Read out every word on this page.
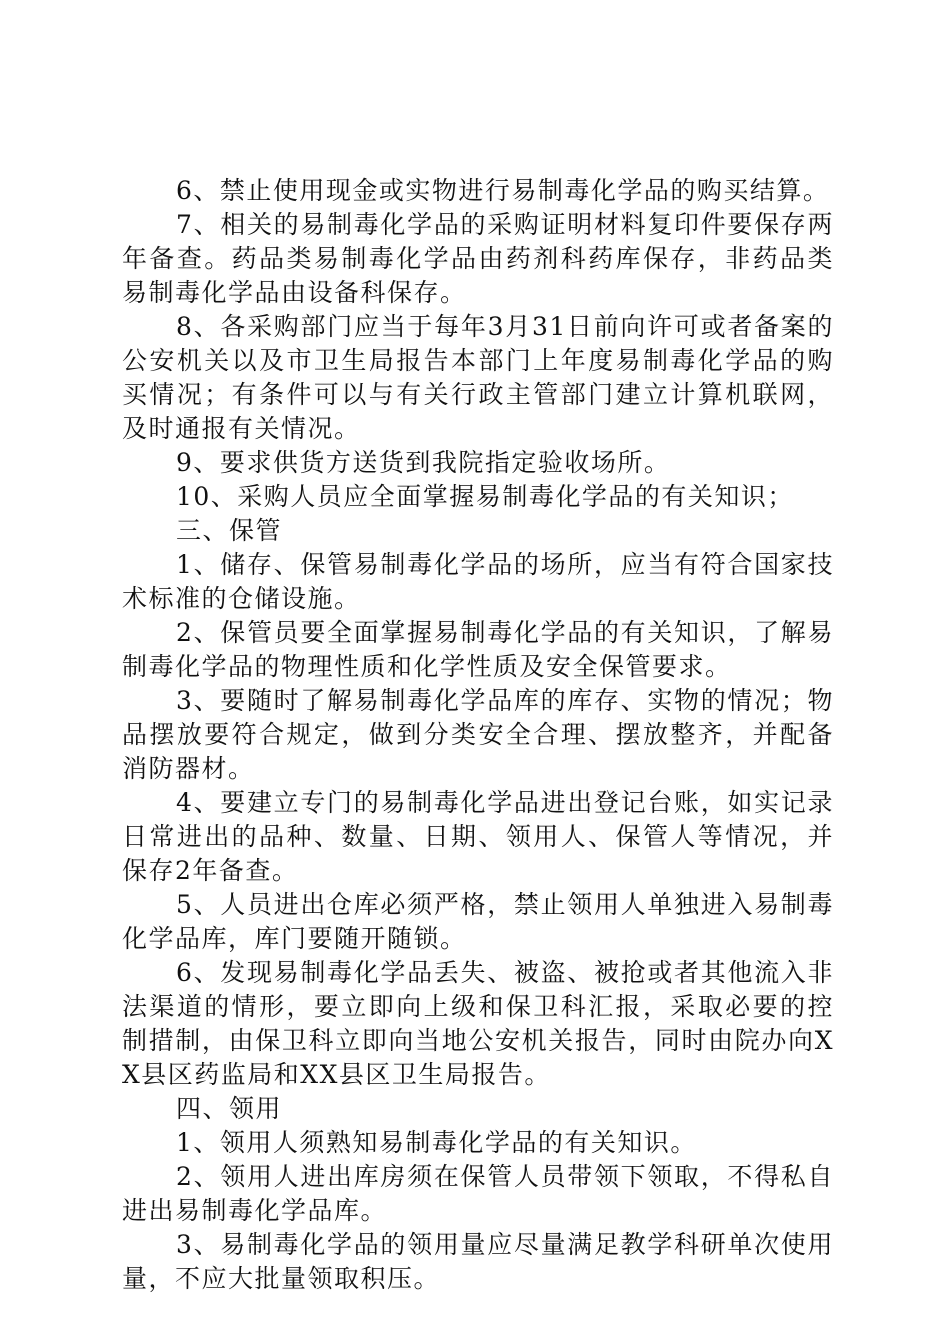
6、禁止使用现金或实物进行易制毒化学品的购买结算。

7、相关的易制毒化学品的采购证明材料复印件要保存两年备查。药品类易制毒化学品由药剂科药库保存，非药品类易制毒化学品由设备科保存。

8、各采购部门应当于每年3月31日前向许可或者备案的公安机关以及市卫生局报告本部门上年度易制毒化学品的购买情况；有条件可以与有关行政主管部门建立计算机联网，及时通报有关情况。

9、要求供货方送货到我院指定验收场所。

10、采购人员应全面掌握易制毒化学品的有关知识；

三、保管

1、储存、保管易制毒化学品的场所，应当有符合国家技术标准的仓储设施。

2、保管员要全面掌握易制毒化学品的有关知识，了解易制毒化学品的物理性质和化学性质及安全保管要求。

3、要随时了解易制毒化学品库的库存、实物的情况；物品摆放要符合规定，做到分类安全合理、摆放整齐，并配备消防器材。

4、要建立专门的易制毒化学品进出登记台账，如实记录日常进出的品种、数量、日期、领用人、保管人等情况，并保存2年备查。

5、人员进出仓库必须严格，禁止领用人单独进入易制毒化学品库，库门要随开随锁。

6、发现易制毒化学品丢失、被盗、被抢或者其他流入非法渠道的情形，要立即向上级和保卫科汇报，采取必要的控制措制，由保卫科立即向当地公安机关报告，同时由院办向XX县区药监局和XX县区卫生局报告。

四、领用

1、领用人须熟知易制毒化学品的有关知识。

2、领用人进出库房须在保管人员带领下领取，不得私自进出易制毒化学品库。

3、易制毒化学品的领用量应尽量满足教学科研单次使用量，不应大批量领取积压。
